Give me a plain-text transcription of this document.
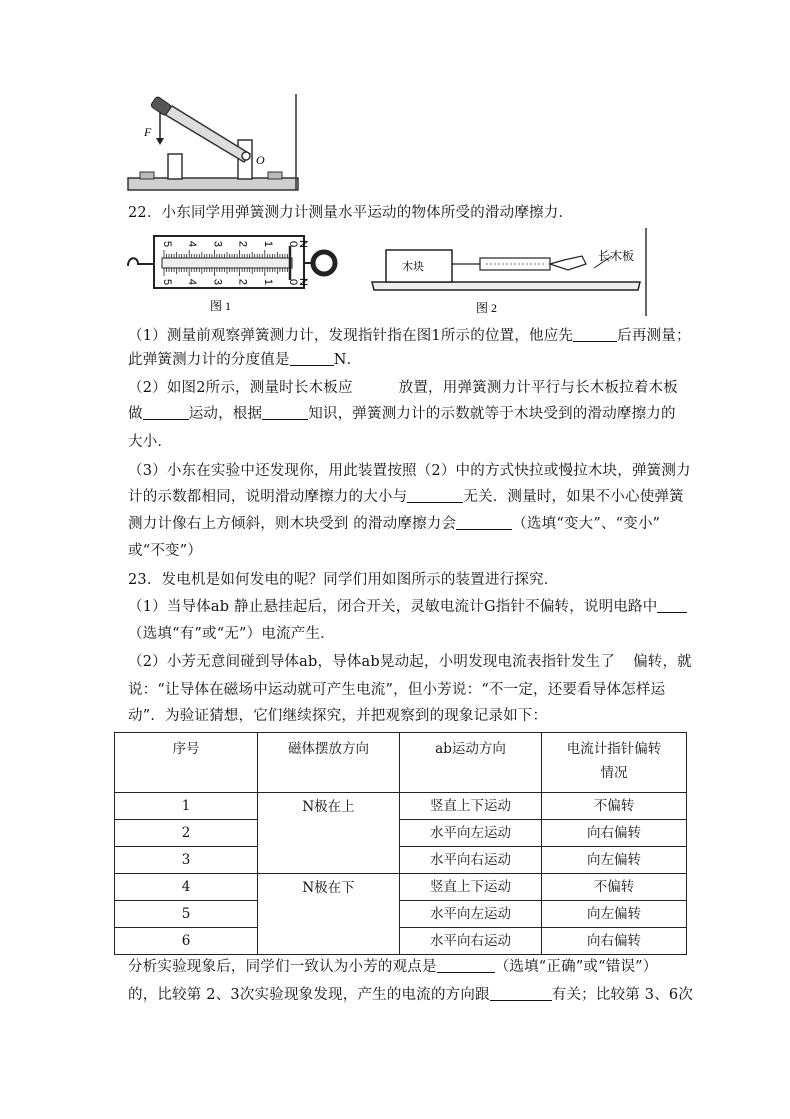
F
O
22．小东同学用弹簧测力计测量水平运动的物体所受的滑动摩擦力．
图 1
5 4 3 2 1 0
N
5 4 3 2 1 0
N
木块
长木板
图 2
（1）测量前观察弹簧测力计，发现指针指在图1所示的位置，他应先	后再测量；
此弹簧测力计的分度值是	N．
（2）如图2所示，测量时长木板应	放置，用弹簧测力计平行与长木板拉着木板
做	运动，根据	知识，弹簧测力计的示数就等于木块受到的滑动摩擦力的
大小．
（3）小东在实验中还发现你，用此装置按照（2）中的方式快拉或慢拉木块，弹簧测力
计的示数都相同，说明滑动摩擦力的大小与	无关．测量时，如果不小心使弹簧
测力计像右上方倾斜，则木块受到 的滑动摩擦力会	（选填“变大”、“变小”
或“不变”）
23．发电机是如何发电的呢？同学们用如图所示的装置进行探究．
（1）当导体ab 静止悬挂起后，闭合开关，灵敏电流计G指针不偏转，说明电路中
（选填“有”或“无”）电流产生．
（2）小芳无意间碰到导体ab，导体ab晃动起，小明发现电流表指针发生了 偏转，就
说：“让导体在磁场中运动就可产生电流”，但小芳说：“不一定，还要看导体怎样运
动”．为验证猜想，它们继续探究，并把观察到的现象记录如下：
序号	磁体摆放方向	ab运动方向	电流计指针偏转
情况
1	N极在上	竖直上下运动	不偏转
2		水平向左运动	向右偏转
3		水平向右运动	向左偏转
4	N极在下	竖直上下运动	不偏转
5		水平向左运动	向左偏转
6		水平向右运动	向右偏转
分析实验现象后，同学们一致认为小芳的观点是	（选填“正确”或“错误”）
的，比较第 2、3次实验现象发现，产生的电流的方向跟	有关；比较第 3、6次
